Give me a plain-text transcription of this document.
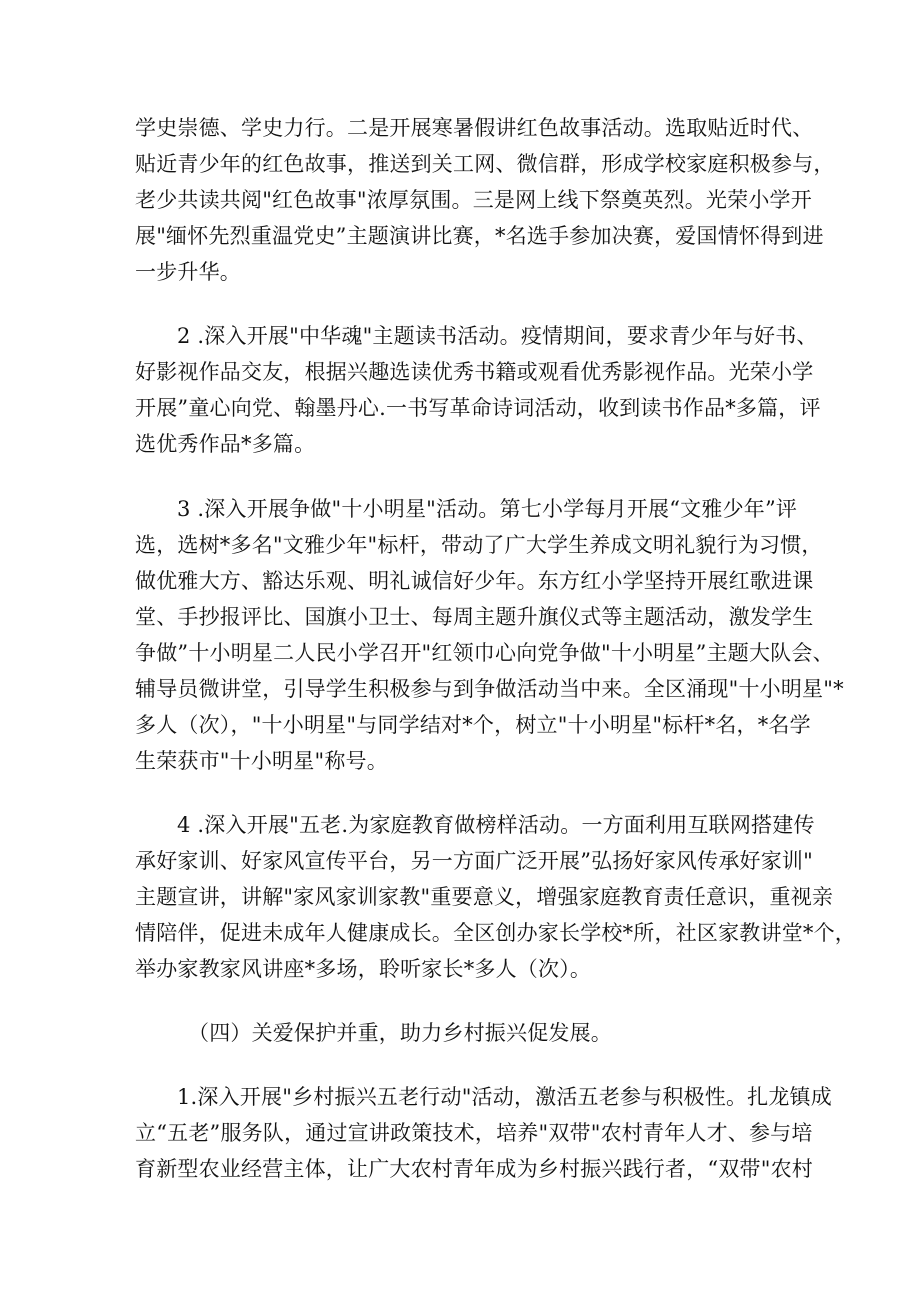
学史崇德、学史力行。二是开展寒暑假讲红色故事活动。选取贴近时代、
贴近青少年的红色故事，推送到关工网、微信群，形成学校家庭积极参与，
老少共读共阅"红色故事"浓厚氛围。三是网上线下祭奠英烈。光荣小学开
展"缅怀先烈重温党史”主题演讲比赛，*名选手参加决赛，爱国情怀得到进
一步升华。
2 .深入开展"中华魂"主题读书活动。疫情期间，要求青少年与好书、
好影视作品交友，根据兴趣选读优秀书籍或观看优秀影视作品。光荣小学
开展”童心向党、翰墨丹心.一书写革命诗词活动，收到读书作品*多篇，评
选优秀作品*多篇。
3 .深入开展争做"十小明星"活动。第七小学每月开展“文雅少年”评
选，选树*多名"文雅少年"标杆，带动了广大学生养成文明礼貌行为习惯，
做优雅大方、豁达乐观、明礼诚信好少年。东方红小学坚持开展红歌进课
堂、手抄报评比、国旗小卫士、每周主题升旗仪式等主题活动，激发学生
争做”十小明星二人民小学召开"红领巾心向党争做"十小明星”主题大队会、
辅导员微讲堂，引导学生积极参与到争做活动当中来。全区涌现"十小明星"*
多人（次），"十小明星"与同学结对*个，树立"十小明星"标杆*名，*名学
生荣获市"十小明星"称号。
4 .深入开展"五老.为家庭教育做榜样活动。一方面利用互联网搭建传
承好家训、好家风宣传平台，另一方面广泛开展”弘扬好家风传承好家训"
主题宣讲，讲解"家风家训家教"重要意义，增强家庭教育责任意识，重视亲
情陪伴，促进未成年人健康成长。全区创办家长学校*所，社区家教讲堂*个，
举办家教家风讲座*多场，聆听家长*多人（次）。
（四）关爱保护并重，助力乡村振兴促发展。
1.深入开展"乡村振兴五老行动"活动，激活五老参与积极性。扎龙镇成
立“五老”服务队，通过宣讲政策技术，培养"双带"农村青年人才、参与培
育新型农业经营主体，让广大农村青年成为乡村振兴践行者，“双带"农村
